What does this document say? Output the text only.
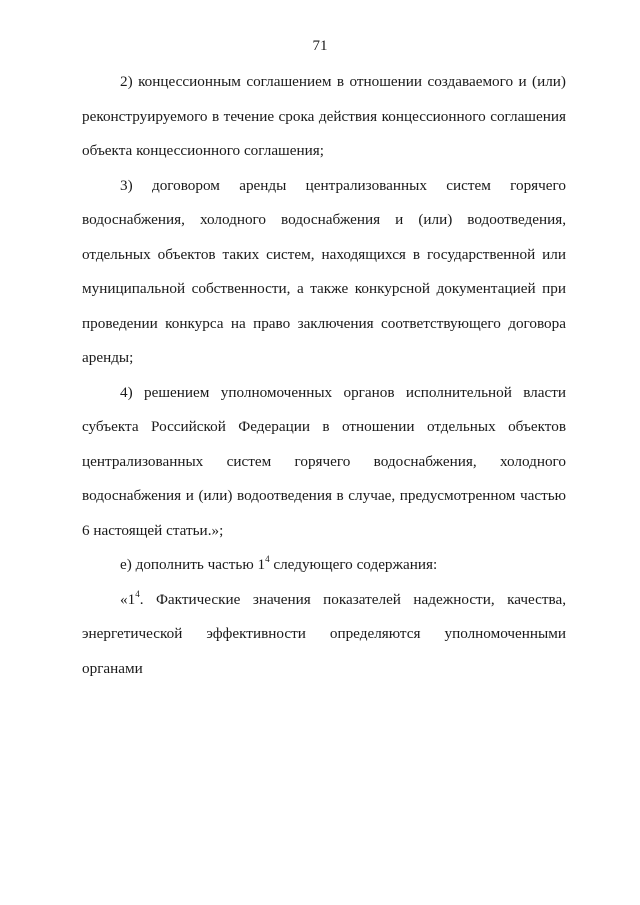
71

2) концессионным соглашением в отношении создаваемого и (или) реконструируемого в течение срока действия концессионного соглашения объекта концессионного соглашения;

3) договором аренды централизованных систем горячего водоснабжения, холодного водоснабжения и (или) водоотведения, отдельных объектов таких систем, находящихся в государственной или муниципальной собственности, а также конкурсной документацией при проведении конкурса на право заключения соответствующего договора аренды;

4) решением уполномоченных органов исполнительной власти субъекта Российской Федерации в отношении отдельных объектов централизованных систем горячего водоснабжения, холодного водоснабжения и (или) водоотведения в случае, предусмотренном частью 6 настоящей статьи.»;

е) дополнить частью $1^4$ следующего содержания:

«$1^4$. Фактические значения показателей надежности, качества, энергетической эффективности определяются уполномоченными органами
